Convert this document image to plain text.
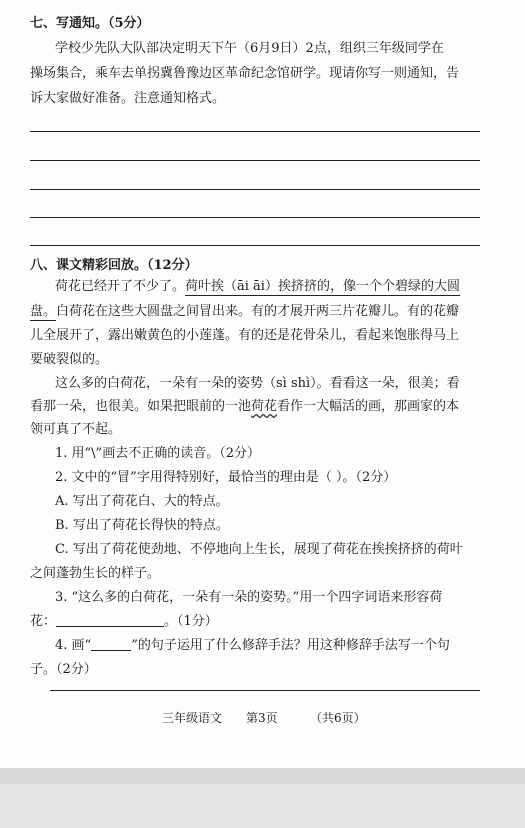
七、写通知。（5分）
学校少先队大队部决定明天下午（6月9日）2点，组织三年级同学在
操场集合，乘车去单拐冀鲁豫边区革命纪念馆研学。现请你写一则通知，告
诉大家做好准备。注意通知格式。
八、课文精彩回放。（12分）
荷花已经开了不少了。荷叶挨（āi āi）挨挤挤的，像一个个碧绿的大圆
盘。白荷花在这些大圆盘之间冒出来。有的才展开两三片花瓣儿。有的花瓣
儿全展开了，露出嫩黄色的小莲蓬。有的还是花骨朵儿，看起来饱胀得马上
要破裂似的。
这么多的白荷花，一朵有一朵的姿势（sì shì）。看看这一朵，很美；看
看那一朵，也很美。如果把眼前的一池荷花看作一大幅活的画，那画家的本
领可真了不起。
1. 用“\”画去不正确的读音。（2分）
2. 文中的“冒”字用得特别好，最恰当的理由是（ ）。（2分）
A. 写出了荷花白、大的特点。
B. 写出了荷花长得快的特点。
C. 写出了荷花使劲地、不停地向上生长，展现了荷花在挨挨挤挤的荷叶
之间蓬勃生长的样子。
3. “这么多的白荷花，一朵有一朵的姿势。”用一个四字词语来形容荷
花：	。（1分）
4. 画“	”的句子运用了什么修辞手法？用这种修辞手法写一个句
子。（2分）
三年级语文 第3页	（共6页）
